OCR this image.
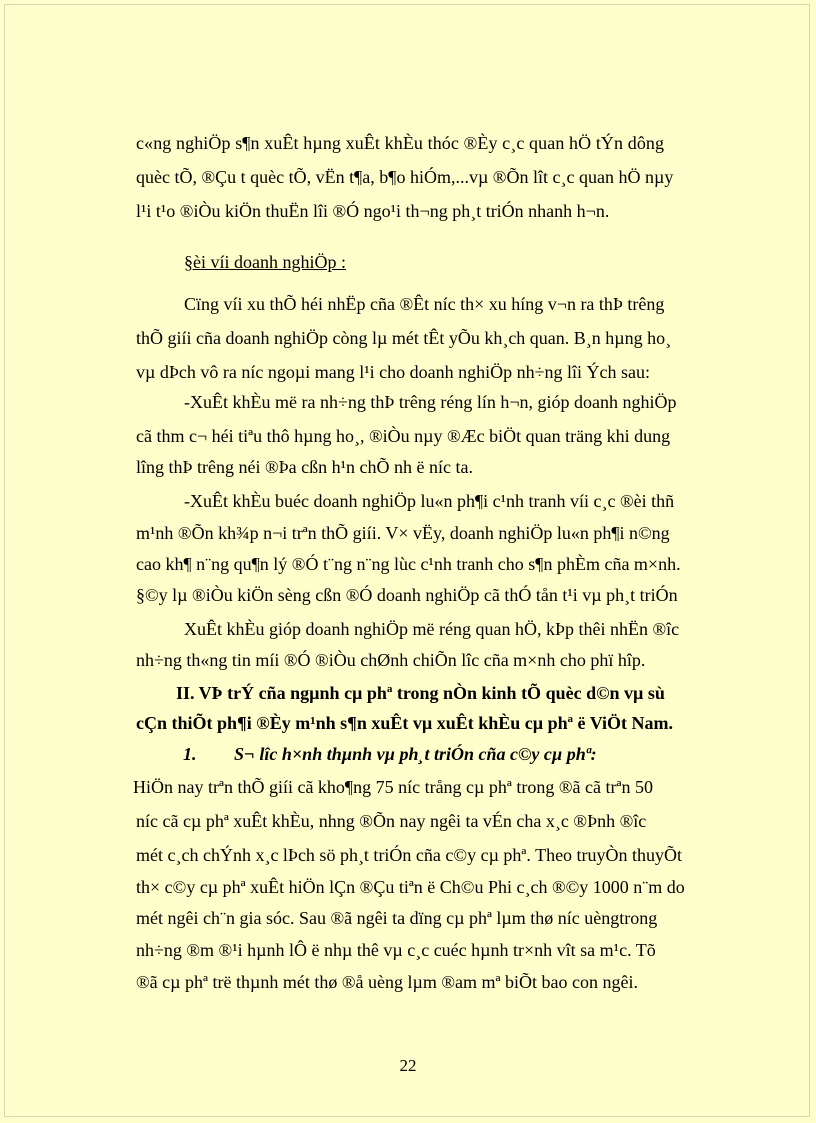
c«ng nghiÖp s¶n xuÊt hµng xuÊt khÈu thóc ®Èy c¸c quan hÖ tÝn dông
quèc tÕ, ®Çu t quèc tÕ, vËn t¶a, b¶o hiÓm,...vµ ®Õn lît c¸c quan hÖ nµy
l¹i t¹o ®iÒu kiÖn thuËn lîi ®Ó ngo¹i th¬ng ph¸t triÓn nhanh h¬n.
§èi víi doanh nghiÖp :
Cïng víi xu thÕ héi nhËp cña ®Êt níc th× xu híng v¬n ra thÞ trêng
thÕ giíi cña doanh nghiÖp còng lµ mét tÊt yÕu kh¸ch quan. B¸n hµng ho¸
vµ dÞch vô ra níc ngoµi mang l¹i cho doanh nghiÖp nh÷ng lîi Ých sau:
-XuÊt khÈu më ra nh÷ng thÞ trêng réng lín h¬n, gióp doanh nghiÖp
cã thm c¬ héi tiªu thô hµng ho¸, ®iÒu nµy ®Æc biÖt quan träng khi dung
lîng thÞ trêng néi ®Þa cßn h¹n chÕ nh ë níc ta.
-XuÊt khÈu buéc doanh nghiÖp lu«n ph¶i c¹nh tranh víi c¸c ®èi thñ
m¹nh ®Õn kh¾p n¬i trªn thÕ giíi. V× vËy, doanh nghiÖp lu«n ph¶i n©ng
cao kh¶ n¨ng qu¶n lý ®Ó t¨ng n¨ng lùc c¹nh tranh cho s¶n phÈm cña m×nh.
§©y lµ ®iÒu kiÖn sèng cßn ®Ó doanh nghiÖp cã thÓ tån t¹i vµ ph¸t triÓn
XuÊt khÈu gióp doanh nghiÖp më réng quan hÖ, kÞp thêi nhËn ®îc
nh÷ng th«ng tin míi ®Ó ®iÒu chØnh chiÕn lîc cña m×nh cho phï hîp.
II. VÞ trÝ cña ngµnh cµ phª trong nÒn kinh tÕ quèc d©n vµ sù
cÇn thiÕt ph¶i ®Èy m¹nh s¶n xuÊt vµ xuÊt khÈu cµ phª ë ViÖt Nam.
1. S¬ lîc h×nh thµnh vµ ph¸t triÓn cña c©y cµ phª:
HiÖn nay trªn thÕ giíi cã kho¶ng 75 níc trång cµ phª trong ®ã cã trªn 50
níc cã cµ phª xuÊt khÈu, nhng ®Õn nay ngêi ta vÉn cha x¸c ®Þnh ®îc
mét c¸ch chÝnh x¸c lÞch sö ph¸t triÓn cña c©y cµ phª. Theo truyÒn thuyÕt
th× c©y cµ phª xuÊt hiÖn lÇn ®Çu tiªn ë Ch©u Phi c¸ch ®©y 1000 n¨m do
mét ngêi ch¨n gia sóc. Sau ®ã ngêi ta dïng cµ phª lµm thø níc uèngtrong
nh÷ng ®m ®¹i hµnh lÔ ë nhµ thê vµ c¸c cuéc hµnh tr×nh vît sa m¹c. Tõ
®ã cµ phª trë thµnh mét thø ®å uèng lµm ®am mª biÕt bao con ngêi.
22
